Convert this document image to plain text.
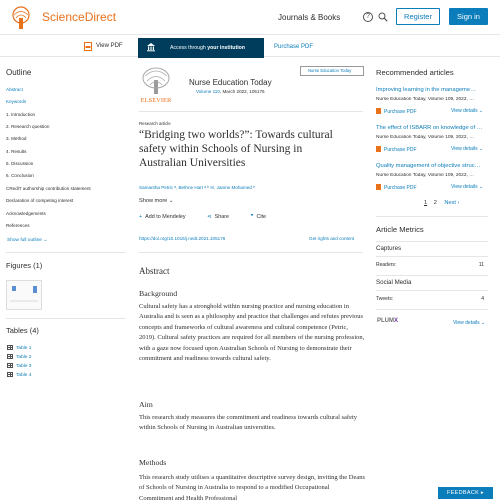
ScienceDirect	Journals & Books	?	Register	Sign in
View PDF	Access through your institution	Purchase PDF
Outline
Abstract
Keywords
1. Introduction
2. Research question
3. Method
4. Results
5. Discussion
6. Conclusion
CRediT authorship contribution statement
Declaration of competing interest
Acknowledgements
References
Show full outline ⌄
Figures (1)
Tables (4)
Table 1
Table 2
Table 3
Table 4
ELSEVIER
Nurse Education Today
Volume 110, March 2022, 105176
Nurse Education Today
Research article
“Bridging two worlds?”: Towards cultural safety within Schools of Nursing in Australian Universities
Samantha Petric ᵃ, Bethne Hart ᵃ ᵇ ✉, Janine Mohamed ᵇ
Show more ⌄
+ Add to Mendeley	⋖ Share	❞ Cite
https://doi.org/10.1016/j.nedt.2021.105176	Get rights and content
Abstract
Background

Cultural safety has a stronghold within nursing practice and nursing education in Australia and is seen as a philosophy and practice that challenges and refutes previous concepts and frameworks of cultural awareness and cultural competence (Petric, 2019). Cultural safety practices are required for all members of the nursing profession, with a gaze now focused upon Australian Schools of Nursing to demonstrate their commitment and readiness towards cultural safety.

Aim

This research study measures the commitment and readiness towards cultural safety within Schools of Nursing in Australian universities.

Methods

This research study utilises a quantitative descriptive survey design, inviting the Deans of Schools of Nursing in Australia to respond to a modified Occupational Commitment and Health Professional

Recommended articles
Improving learning in the manageme…
Nurse Education Today, Volume 109, 2022, …
Purchase PDF	View details ⌄
The effect of ISBARR on knowledge of …
Nurse Education Today, Volume 109, 2022, …
Purchase PDF	View details ⌄
Quality management of objective struc…
Nurse Education Today, Volume 109, 2022, …
Purchase PDF	View details ⌄
1 2 Next ›
Article Metrics
Captures
Readers:	11
Social Media
Tweets:	4
PLUMX	View details ⌄
FEEDBACK ▸
